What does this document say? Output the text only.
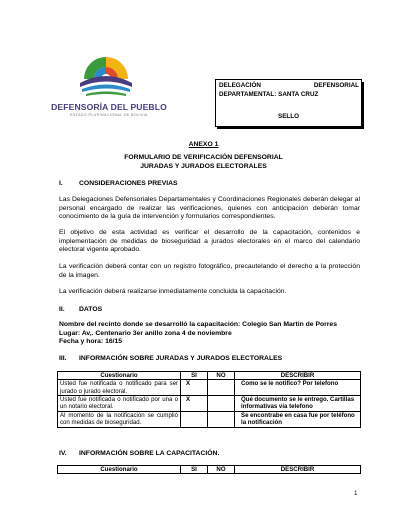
DEFENSORÍA DEL PUEBLO
ESTADO PLURINACIONAL DE BOLIVIA
DELEGACIÓN	DEFENSORIAL
DEPARTAMENTAL: SANTA CRUZ
SELLO
ANEXO 1
FORMULARIO DE VERIFICACIÓN DEFENSORIAL
JURADAS Y JURADOS ELECTORALES
I. CONSIDERACIONES PREVIAS
Las Delegaciones Defensoriales Departamentales y Coordinaciones Regionales deberán delegar al personal encargado de realizar las verificaciones, quienes con anticipación deberán tomar conocimiento de la guía de intervención y formularios correspondientes.
El objetivo de esta actividad es verificar el desarrollo de la capacitación, contenidos e implementación de medidas de bioseguridad a jurados electorales en el marco del calendario electoral vigente aprobado.
La verificación deberá contar con un registro fotográfico, precautelando el derecho a la protección de la imagen.
La verificación deberá realizarse inmediatamente concluida la capacitación.
II. DATOS
Nombre del recinto donde se desarrolló la capacitación: Colegio San Martin de Porres
Lugar: Av,. Centenario 3er anillo zona 4 de noviembre
Fecha y hora: 16/15
III. INFORMACIÓN SOBRE JURADAS Y JURADOS ELECTORALES
Cuestionario	SI	NO	DESCRIBIR
Usted fue notificada o notificado para ser jurado o jurado electoral.	X		Como se le notifico? Por telefono
Usted fue notificada o notificado por una o un notario electoral.	X		Qué documento se le entrego. Cartillas informativas via telefono
Al momento de la notificación se cumplió con medidas de bioseguridad.			Se encontrabe en casa fue por teléfono la notificación
IV. INFORMACIÓN SOBRE LA CAPACITACIÓN.
Cuestionario	SI	NO	DESCRIBIR
1
